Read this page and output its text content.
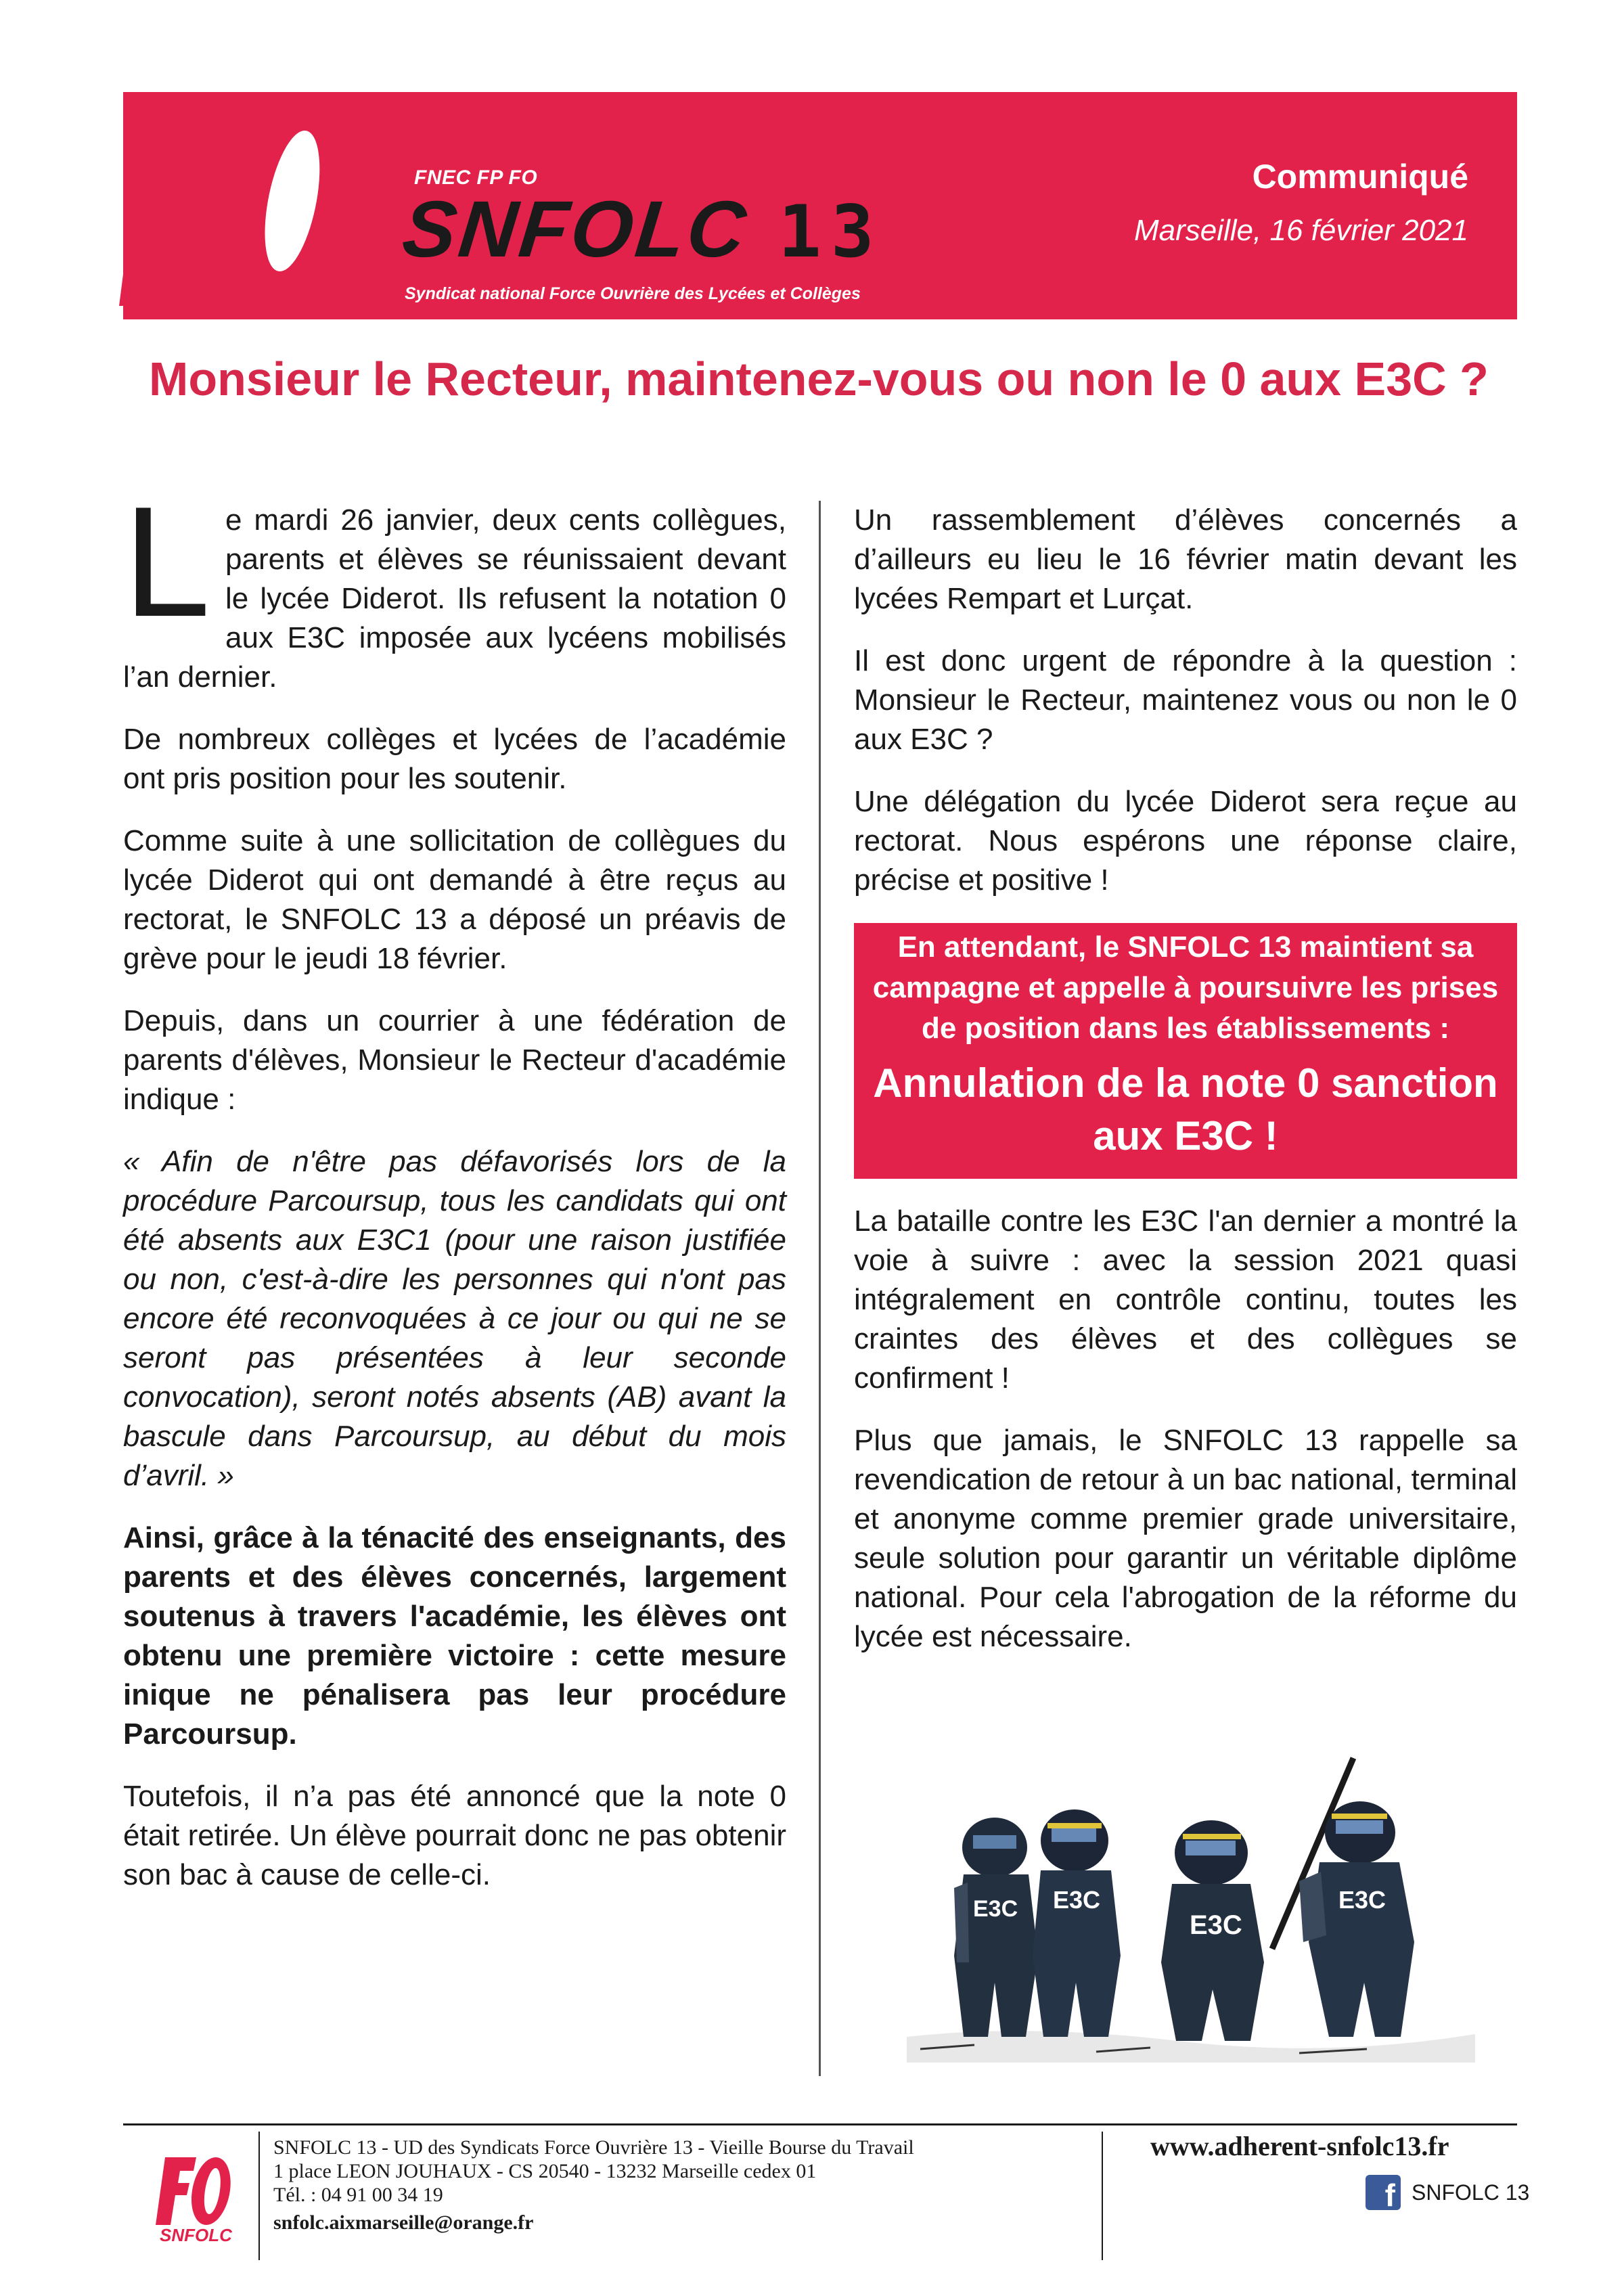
FNEC FP FO
SNFOLC 13
Syndicat national Force Ouvrière des Lycées et Collèges
Communiqué
Marseille, 16 février 2021
Monsieur le Recteur, maintenez-vous ou non le 0 aux E3C ?

Le mardi 26 janvier, deux cents collègues, parents et élèves se réunissaient devant le lycée Diderot. Ils refusent la notation 0 aux E3C imposée aux lycéens mobilisés l’an dernier.

De nombreux collèges et lycées de l’académie ont pris position pour les soutenir.

Comme suite à une sollicitation de collègues du lycée Diderot qui ont demandé à être reçus au rectorat, le SNFOLC 13 a déposé un préavis de grève pour le jeudi 18 février.

Depuis, dans un courrier à une fédération de parents d'élèves, Monsieur le Recteur d'académie indique :

« Afin de n'être pas défavorisés lors de la procédure Parcoursup, tous les candidats qui ont été absents aux E3C1 (pour une raison justifiée ou non, c'est-à-dire les personnes qui n'ont pas encore été reconvoquées à ce jour ou qui ne se seront pas présentées à leur seconde convocation), seront notés absents (AB) avant la bascule dans Parcoursup, au début du mois d’avril. »

Ainsi, grâce à la ténacité des enseignants, des parents et des élèves concernés, largement soutenus à travers l'académie, les élèves ont obtenu une première victoire : cette mesure inique ne pénalisera pas leur procédure Parcoursup.

Toutefois, il n’a pas été annoncé que la note 0 était retirée. Un élève pourrait donc ne pas obtenir son bac à cause de celle-ci.

Un rassemblement d’élèves concernés a d’ailleurs eu lieu le 16 février matin devant les lycées Rempart et Lurçat.

Il est donc urgent de répondre à la question : Monsieur le Recteur, maintenez vous ou non le 0 aux E3C ?

Une délégation du lycée Diderot sera reçue au rectorat. Nous espérons une réponse claire, précise et positive !

En attendant, le SNFOLC 13 maintient sa campagne et appelle à poursuivre les prises de position dans les établissements :
Annulation de la note 0 sanction aux E3C !

La bataille contre les E3C l'an dernier a montré la voie à suivre : avec la session 2021 quasi intégralement en contrôle continu, toutes les craintes des élèves et des collègues se confirment !

Plus que jamais, le SNFOLC 13 rappelle sa revendication de retour à un bac national, terminal et anonyme comme premier grade universitaire, seule solution pour garantir un véritable diplôme national. Pour cela l'abrogation de la réforme du lycée est nécessaire.

E3C E3C
E3C
E3C
SNFOLC
SNFOLC 13 - UD des Syndicats Force Ouvrière 13 - Vieille Bourse du Travail
1 place LEON JOUHAUX - CS 20540 - 13232 Marseille cedex 01
Tél. : 04 91 00 34 19
snfolc.aixmarseille@orange.fr
www.adherent-snfolc13.fr
f SNFOLC 13
